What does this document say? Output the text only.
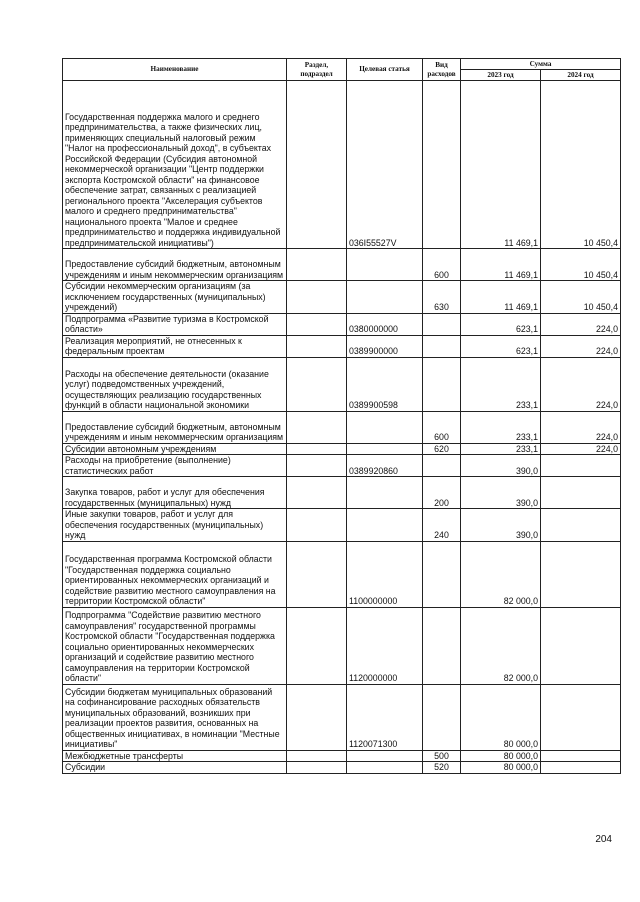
Наименование	Раздел, подраздел	Целевая статья	Вид расходов	Сумма	
				2023 год	2024 год
Государственная поддержка малого и среднего предпринимательства, а также физических лиц, применяющих специальный налоговый режим "Налог на профессиональный доход", в субъектах Российской Федерации (Субсидия автономной некоммерческой организации "Центр поддержки экспорта Костромской области" на финансовое обеспечение затрат, связанных с реализацией регионального проекта "Акселерация субъектов малого и среднего предпринимательства" национального проекта "Малое и среднее предпринимательство и поддержка индивидуальной предпринимательской инициативы")		036I55527V		11 469,1	10 450,4
Предоставление субсидий бюджетным, автономным учреждениям и иным некоммерческим организациям			600	11 469,1	10 450,4
Субсидии некоммерческим организациям (за исключением государственных (муниципальных) учреждений)			630	11 469,1	10 450,4
Подпрограмма «Развитие туризма в Костромской области»		0380000000		623,1	224,0
Реализация мероприятий, не отнесенных к федеральным проектам		0389900000		623,1	224,0
Расходы на обеспечение деятельности (оказание услуг) подведомственных учреждений, осуществляющих реализацию государственных функций в области национальной экономики		0389900598		233,1	224,0
Предоставление субсидий бюджетным, автономным учреждениям и иным некоммерческим организациям			600	233,1	224,0
Субсидии автономным учреждениям			620	233,1	224,0
Расходы на приобретение (выполнение) статистических работ		0389920860		390,0	
Закупка товаров, работ и услуг для обеспечения государственных (муниципальных) нужд			200	390,0	
Иные закупки товаров, работ и услуг для обеспечения государственных (муниципальных) нужд			240	390,0	
Государственная программа Костромской области "Государственная поддержка социально ориентированных некоммерческих организаций и содействие развитию местного самоуправления на территории Костромской области"		1100000000		82 000,0	
Подпрограмма "Содействие развитию местного самоуправления" государственной программы Костромской области "Государственная поддержка социально ориентированных некоммерческих организаций и содействие развитию местного самоуправления на территории Костромской области"		1120000000		82 000,0	
Субсидии бюджетам муниципальных образований на софинансирование расходных обязательств муниципальных образований, возникших при реализации проектов развития, основанных на общественных инициативах, в номинации "Местные инициативы"		1120071300		80 000,0	
Межбюджетные трансферты			500	80 000,0	
Субсидии			520	80 000,0	
204
